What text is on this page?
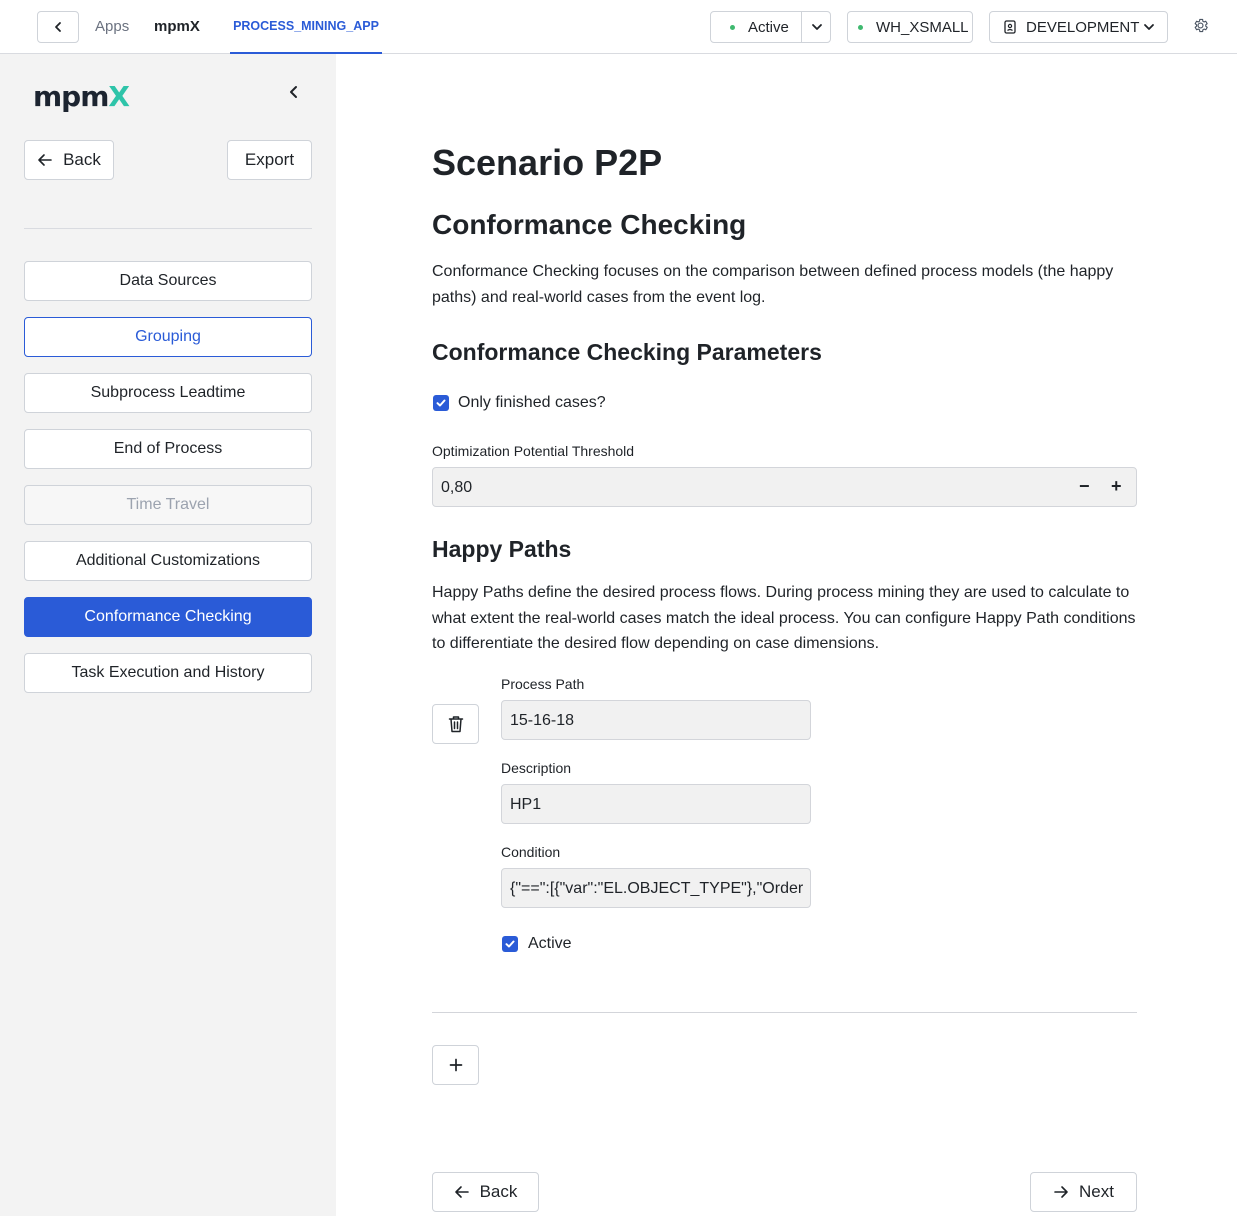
Apps mpmX	PROCESS_MINING_APP	Active	WH_XSMALL	DEVELOPMENT
mpmX
Back	Export
Data Sources
Grouping
Subprocess Leadtime
End of Process
Time Travel
Additional Customizations
Conformance Checking
Task Execution and History
Scenario P2P
Conformance Checking
Conformance Checking focuses on the comparison between defined process models (the happy paths) and real-world cases from the event log.
Conformance Checking Parameters
Only finished cases?
Optimization Potential Threshold
0,80	− +
Happy Paths
Happy Paths define the desired process flows. During process mining they are used to calculate to what extent the real-world cases match the ideal process. You can configure Happy Path conditions to differentiate the desired flow depending on case dimensions.
Process Path
15-16-18
Description
HP1
Condition
{"==":[{"var":"EL.OBJECT_TYPE"},"Order
Active
Back	Next
